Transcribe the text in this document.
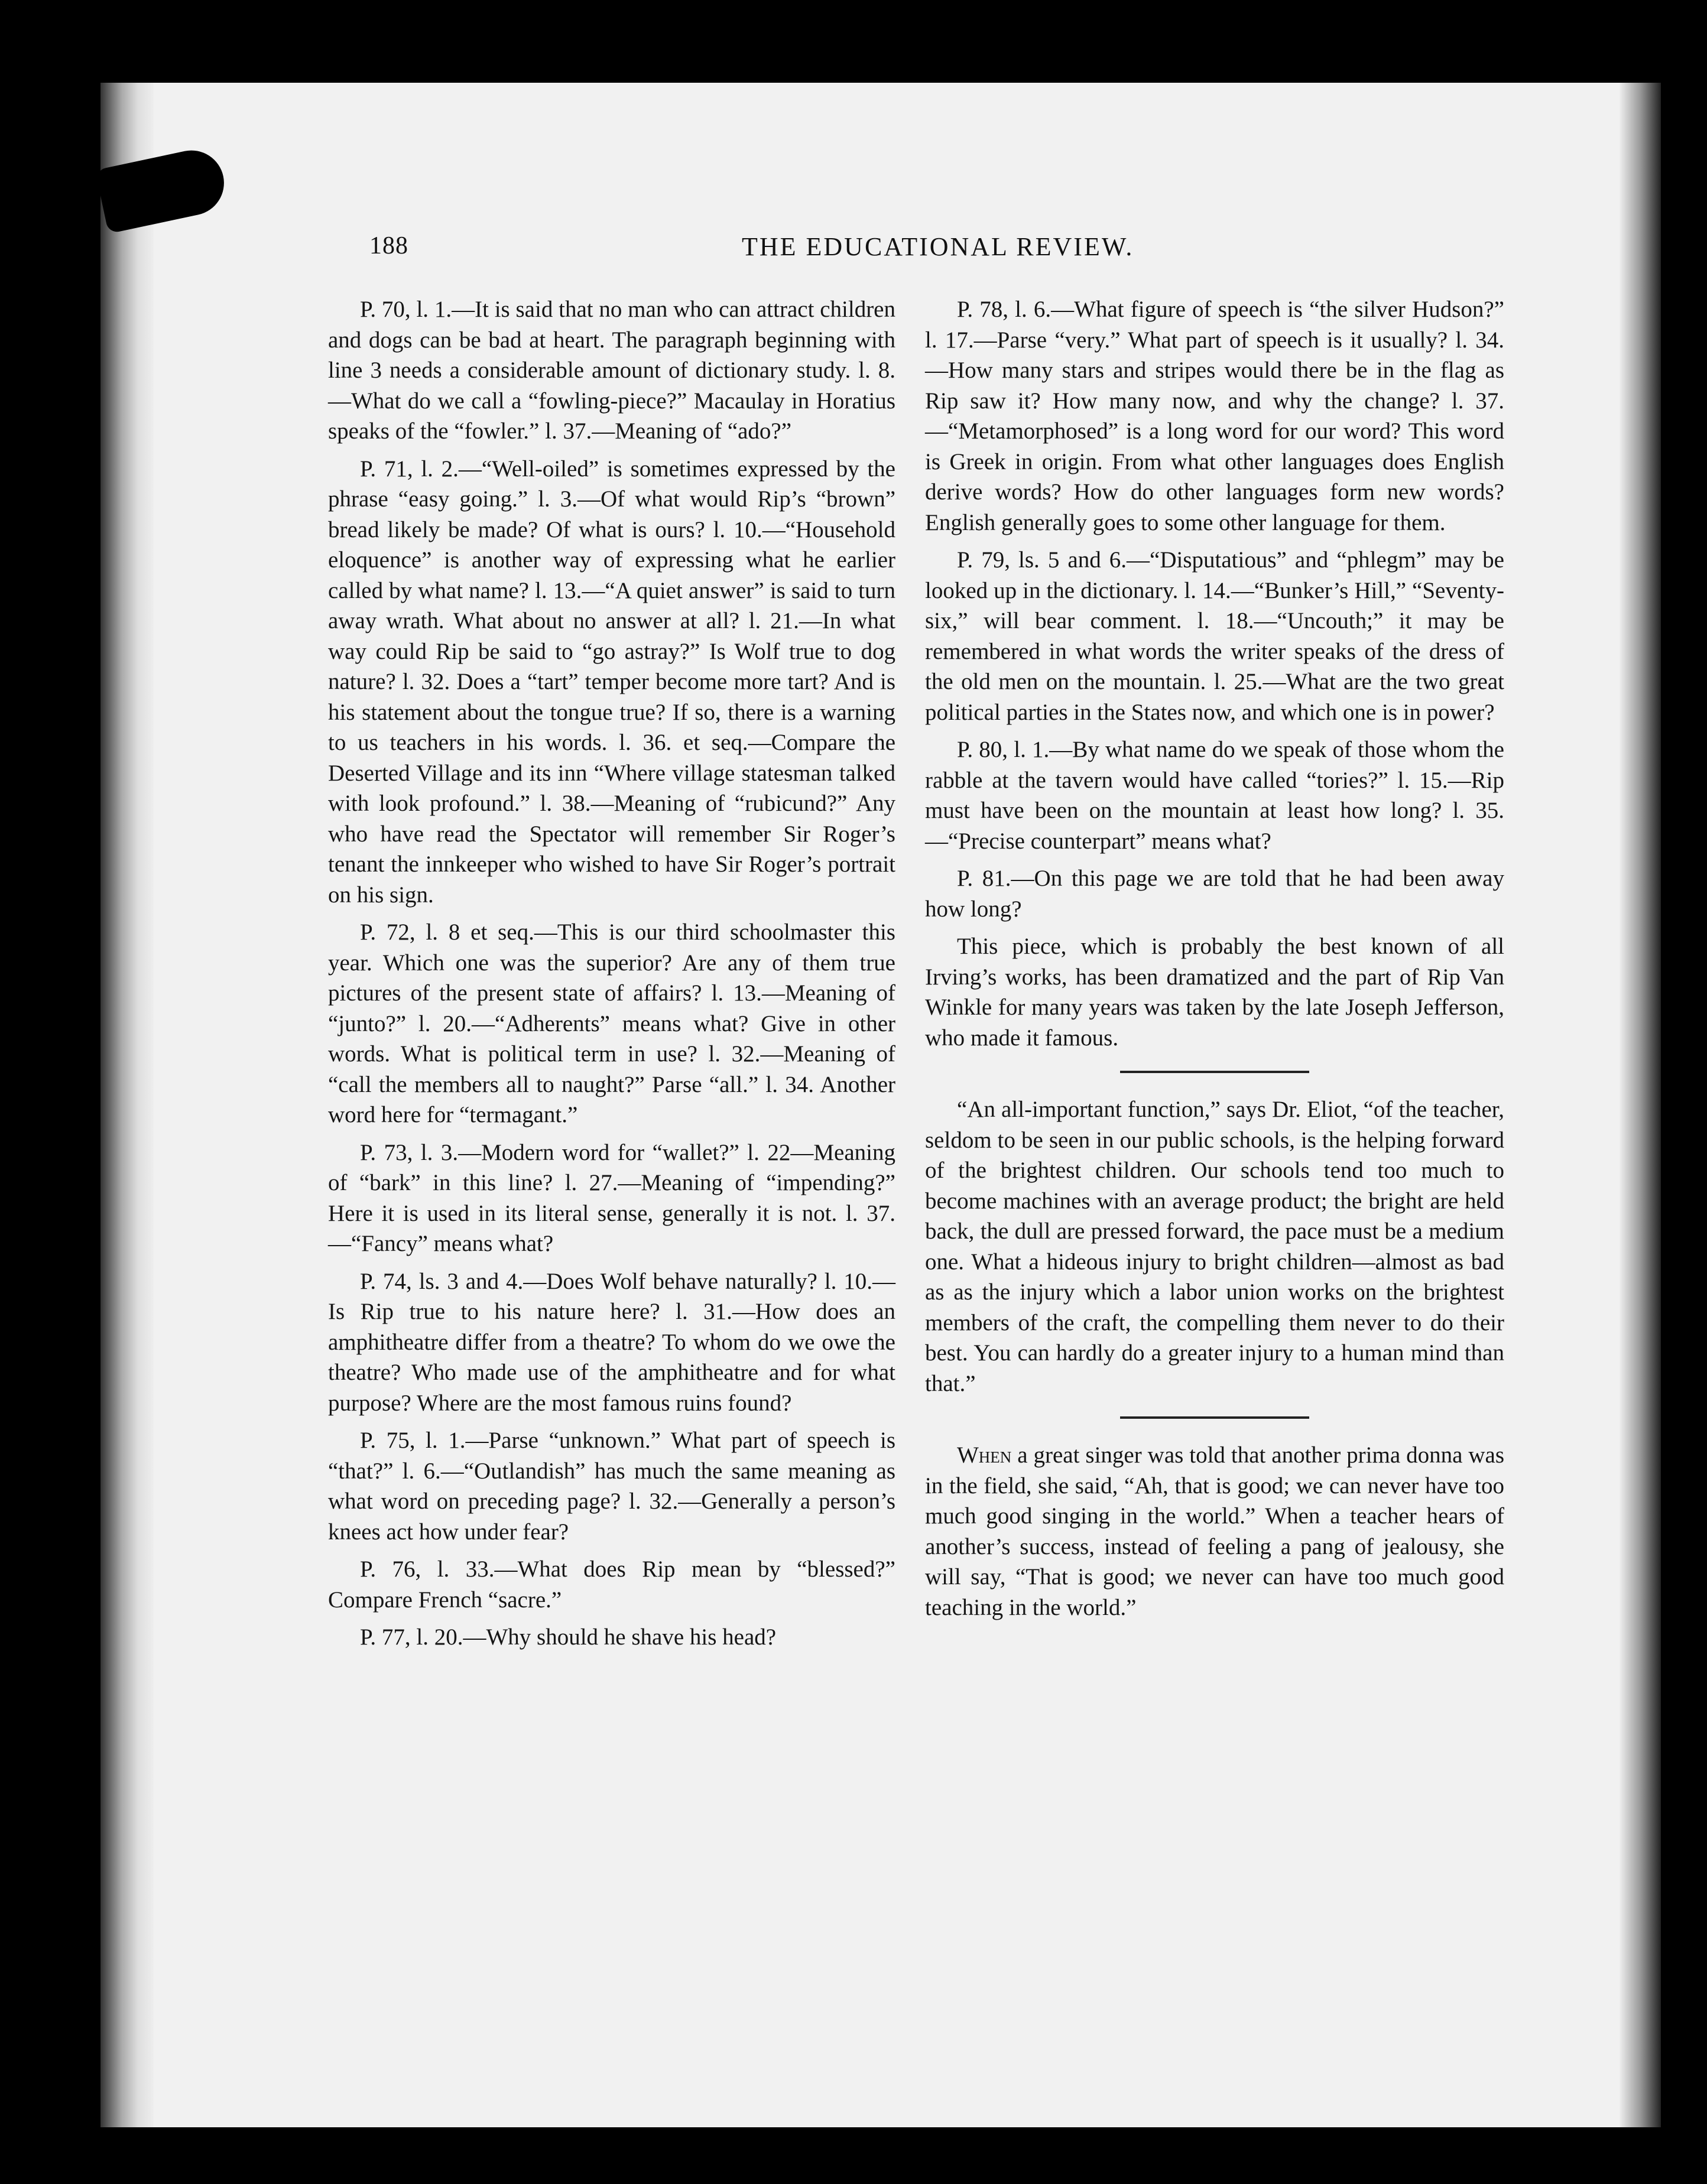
188	THE EDUCATIONAL REVIEW.

P. 70, l. 1.—It is said that no man who can attract children and dogs can be bad at heart. The paragraph beginning with line 3 needs a considerable amount of dictionary study. l. 8.—What do we call a “fowling-piece?” Macaulay in Horatius speaks of the “fowler.” l. 37.—Meaning of “ado?”

P. 71, l. 2.—“Well-oiled” is sometimes expressed by the phrase “easy going.” l. 3.—Of what would Rip’s “brown” bread likely be made? Of what is ours? l. 10.—“Household eloquence” is another way of expressing what he earlier called by what name? l. 13.—“A quiet answer” is said to turn away wrath. What about no answer at all? l. 21.—In what way could Rip be said to “go astray?” Is Wolf true to dog nature? l. 32. Does a “tart” temper become more tart? And is his statement about the tongue true? If so, there is a warning to us teachers in his words. l. 36. et seq.—Compare the Deserted Village and its inn “Where village statesman talked with look profound.” l. 38.—Meaning of “rubicund?” Any who have read the Spectator will remember Sir Roger’s tenant the innkeeper who wished to have Sir Roger’s portrait on his sign.

P. 72, l. 8 et seq.—This is our third schoolmaster this year. Which one was the superior? Are any of them true pictures of the present state of affairs? l. 13.—Meaning of “junto?” l. 20.—“Adherents” means what? Give in other words. What is political term in use? l. 32.—Meaning of “call the members all to naught?” Parse “all.” l. 34. Another word here for “termagant.”

P. 73, l. 3.—Modern word for “wallet?” l. 22—Meaning of “bark” in this line? l. 27.—Meaning of “impending?” Here it is used in its literal sense, generally it is not. l. 37.—“Fancy” means what?

P. 74, ls. 3 and 4.—Does Wolf behave naturally? l. 10.—Is Rip true to his nature here? l. 31.—How does an amphitheatre differ from a theatre? To whom do we owe the theatre? Who made use of the amphitheatre and for what purpose? Where are the most famous ruins found?

P. 75, l. 1.—Parse “unknown.” What part of speech is “that?” l. 6.—“Outlandish” has much the same meaning as what word on preceding page? l. 32.—Generally a person’s knees act how under fear?

P. 76, l. 33.—What does Rip mean by “blessed?” Compare French “sacre.”

P. 77, l. 20.—Why should he shave his head?

P. 78, l. 6.—What figure of speech is “the silver Hudson?” l. 17.—Parse “very.” What part of speech is it usually? l. 34.—How many stars and stripes would there be in the flag as Rip saw it? How many now, and why the change? l. 37.—“Metamorphosed” is a long word for our word? This word is Greek in origin. From what other languages does English derive words? How do other languages form new words? English generally goes to some other language for them.

P. 79, ls. 5 and 6.—“Disputatious” and “phlegm” may be looked up in the dictionary. l. 14.—“Bunker’s Hill,” “Seventy-six,” will bear comment. l. 18.—“Uncouth;” it may be remembered in what words the writer speaks of the dress of the old men on the mountain. l. 25.—What are the two great political parties in the States now, and which one is in power?

P. 80, l. 1.—By what name do we speak of those whom the rabble at the tavern would have called “tories?” l. 15.—Rip must have been on the mountain at least how long? l. 35.—“Precise counterpart” means what?

P. 81.—On this page we are told that he had been away how long?

This piece, which is probably the best known of all Irving’s works, has been dramatized and the part of Rip Van Winkle for many years was taken by the late Joseph Jefferson, who made it famous.

“An all-important function,” says Dr. Eliot, “of the teacher, seldom to be seen in our public schools, is the helping forward of the brightest children. Our schools tend too much to become machines with an average product; the bright are held back, the dull are pressed forward, the pace must be a medium one. What a hideous injury to bright children—almost as bad as as the injury which a labor union works on the brightest members of the craft, the compelling them never to do their best. You can hardly do a greater injury to a human mind than that.”

When a great singer was told that another prima donna was in the field, she said, “Ah, that is good; we can never have too much good singing in the world.” When a teacher hears of another’s success, instead of feeling a pang of jealousy, she will say, “That is good; we never can have too much good teaching in the world.”
